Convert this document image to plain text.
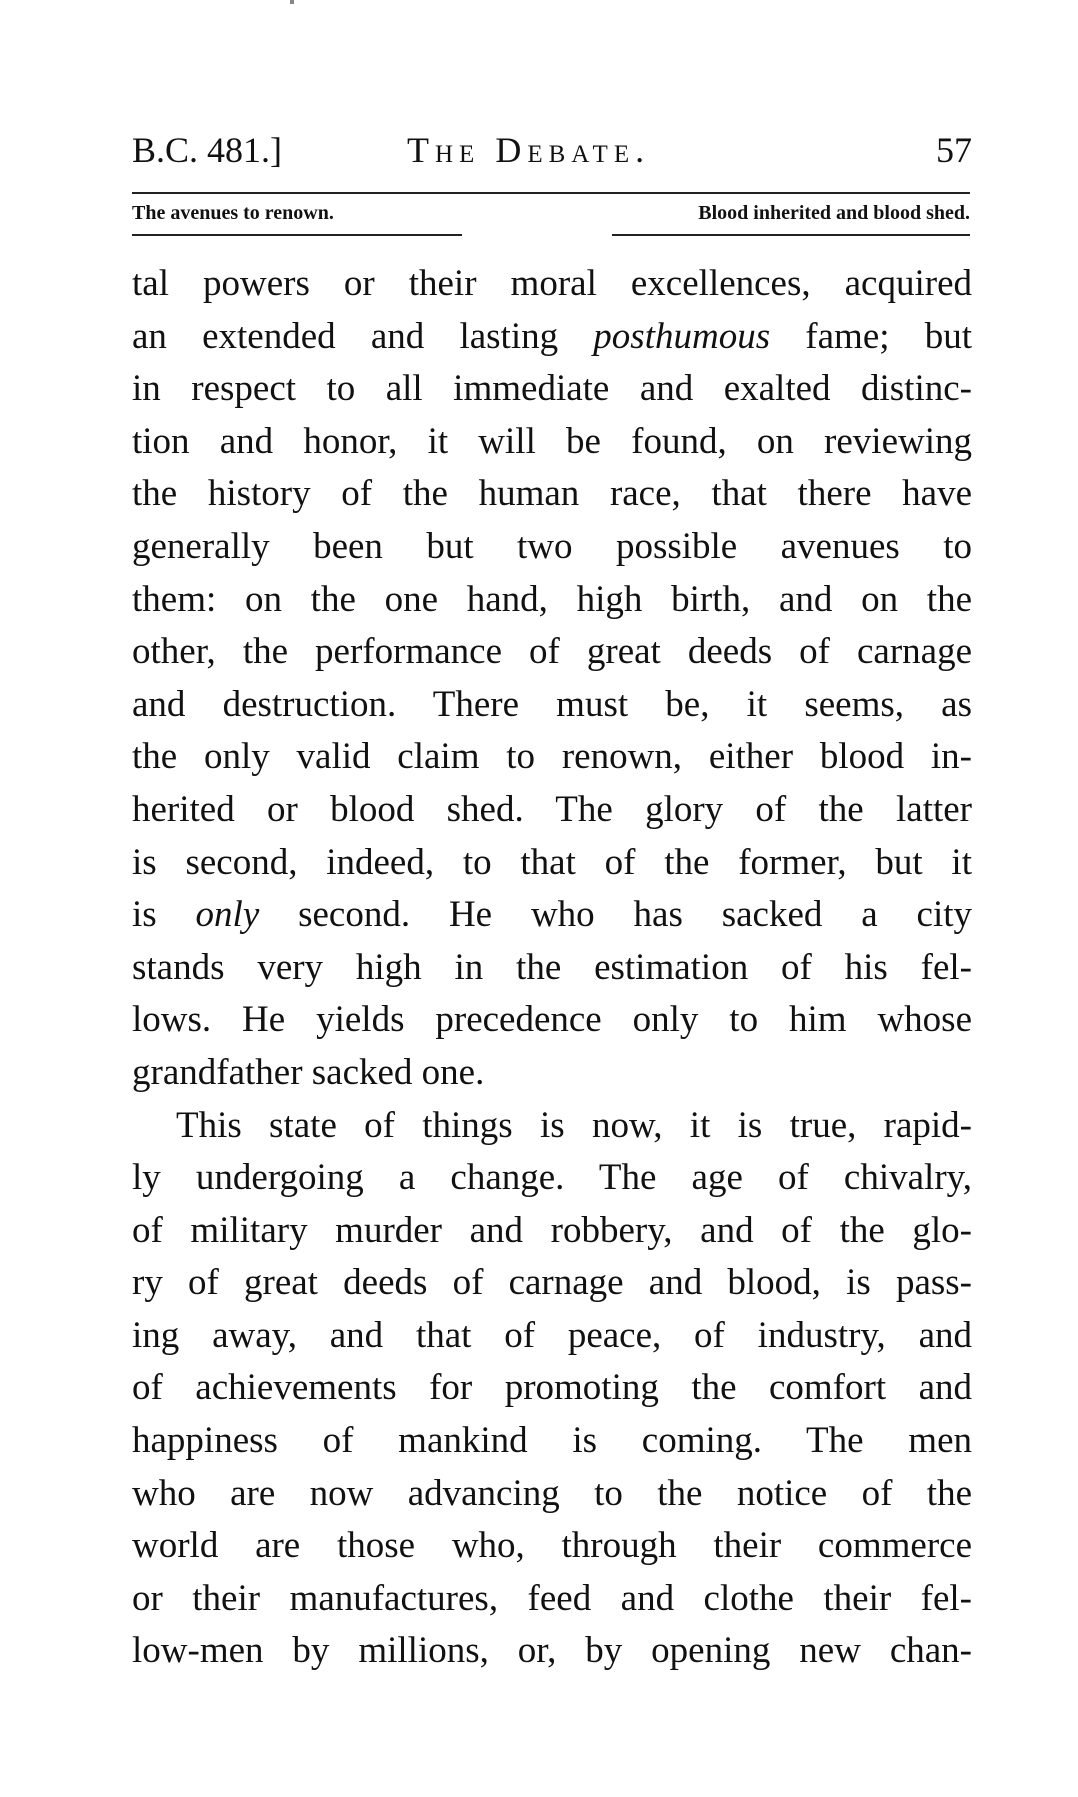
B.C. 481.]	The Debate.	57
The avenues to renown.	Blood inherited and blood shed.
tal powers or their moral excellences, acquired
an extended and lasting posthumous fame; but
in respect to all immediate and exalted distinc-
tion and honor, it will be found, on reviewing
the history of the human race, that there have
generally been but two possible avenues to
them: on the one hand, high birth, and on the
other, the performance of great deeds of carnage
and destruction. There must be, it seems, as
the only valid claim to renown, either blood in-
herited or blood shed. The glory of the latter
is second, indeed, to that of the former, but it
is only second. He who has sacked a city
stands very high in the estimation of his fel-
lows. He yields precedence only to him whose
grandfather sacked one.
This state of things is now, it is true, rapid-
ly undergoing a change. The age of chivalry,
of military murder and robbery, and of the glo-
ry of great deeds of carnage and blood, is pass-
ing away, and that of peace, of industry, and
of achievements for promoting the comfort and
happiness of mankind is coming. The men
who are now advancing to the notice of the
world are those who, through their commerce
or their manufactures, feed and clothe their fel-
low-men by millions, or, by opening new chan-
